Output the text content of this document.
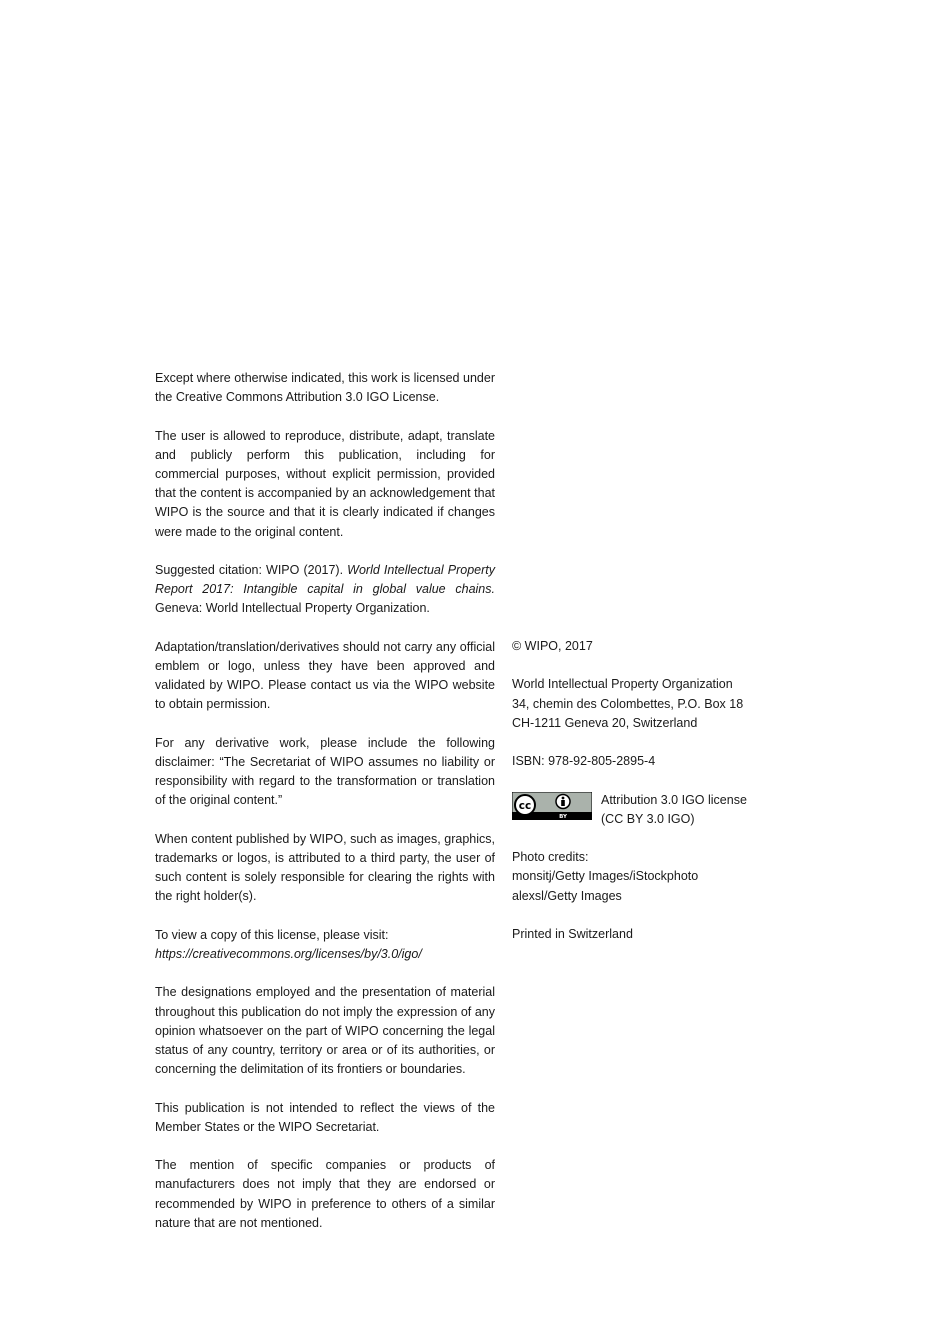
Except where otherwise indicated, this work is licensed under the Creative Commons Attribution 3.0 IGO License.

The user is allowed to reproduce, distribute, adapt, translate and publicly perform this publication, including for commercial purposes, without explicit permission, provided that the content is accompanied by an acknowledgement that WIPO is the source and that it is clearly indicated if changes were made to the original content.

Suggested citation: WIPO (2017). World Intellectual Property Report 2017: Intangible capital in global value chains. Geneva: World Intellectual Property Organization.

Adaptation/translation/derivatives should not carry any official emblem or logo, unless they have been approved and validated by WIPO. Please contact us via the WIPO website to obtain permission.

For any derivative work, please include the following disclaimer: “The Secretariat of WIPO assumes no liability or responsibility with regard to the transformation or translation of the original content.”

When content published by WIPO, such as images, graphics, trademarks or logos, is attributed to a third party, the user of such content is solely responsible for clearing the rights with the right holder(s).

To view a copy of this license, please visit:
https://creativecommons.org/licenses/by/3.0/igo/

The designations employed and the presentation of material throughout this publication do not imply the expression of any opinion whatsoever on the part of WIPO concerning the legal status of any country, territory or area or of its authorities, or concerning the delimitation of its frontiers or boundaries.

This publication is not intended to reflect the views of the Member States or the WIPO Secretariat.

The mention of specific companies or products of manufacturers does not imply that they are endorsed or recommended by WIPO in preference to others of a similar nature that are not mentioned.

© WIPO, 2017

World Intellectual Property Organization
34, chemin des Colombettes, P.O. Box 18
CH-1211 Geneva 20, Switzerland

ISBN: 978-92-805-2895-4

cc
BY
Attribution 3.0 IGO license
(CC BY 3.0 IGO)

Photo credits:
monsitj/Getty Images/iStockphoto
alexsl/Getty Images

Printed in Switzerland
